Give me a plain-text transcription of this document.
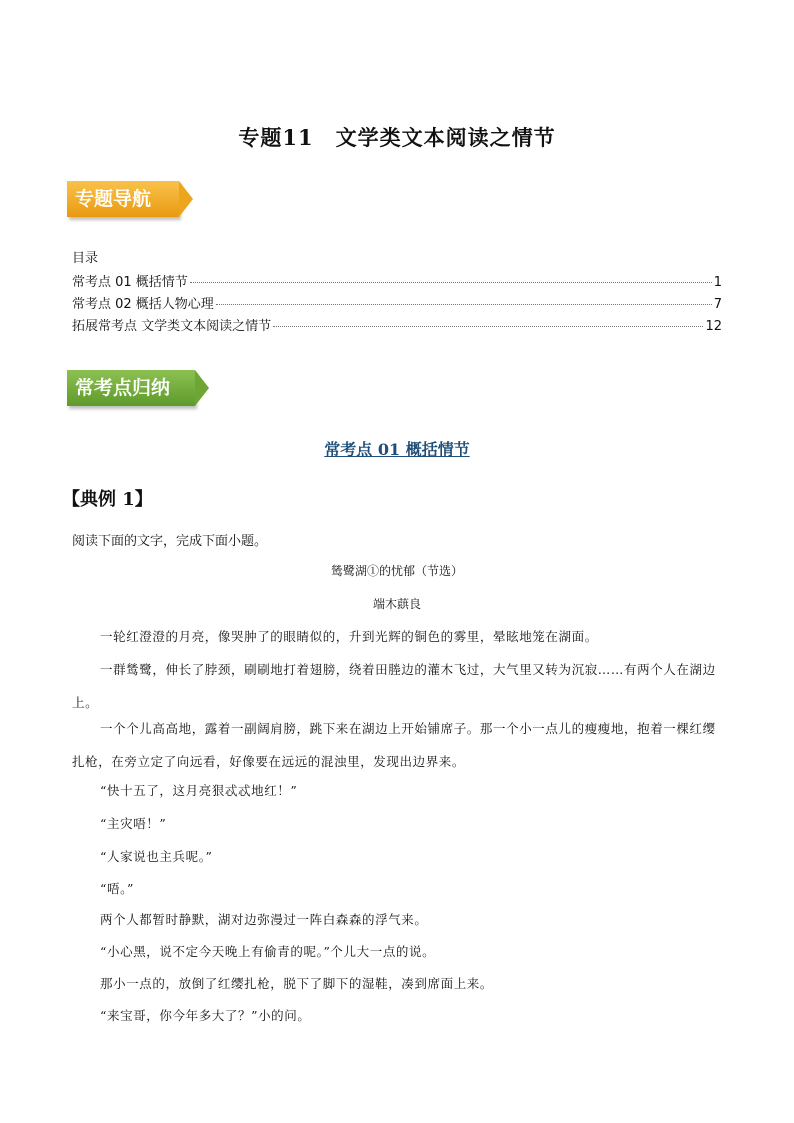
专题11　文学类文本阅读之情节
专题导航
目录
常考点 01 概括情节	1
常考点 02 概括人物心理	7
拓展常考点 文学类文本阅读之情节	12
常考点归纳
常考点 01 概括情节
【典例 1】
阅读下面的文字，完成下面小题。
鸶鹭湖①的忧郁（节选）
端木蕻良

一轮红澄澄的月亮，像哭肿了的眼睛似的，升到光辉的铜色的雾里，晕眩地笼在湖面。

一群鸶鹭，伸长了脖颈，刷刷地打着翅膀，绕着田塍边的灌木飞过，大气里又转为沉寂……有两个人在湖边上。

一个个儿高高地，露着一副阔肩膀，跳下来在湖边上开始铺席子。那一个小一点儿的瘦瘦地，抱着一棵红缨扎枪，在旁立定了向远看，好像要在远远的混浊里，发现出边界来。

“快十五了，这月亮狠忒忒地红！”

“主灾唔！”

“人家说也主兵呢。”

“唔。”

两个人都暂时静默，湖对边弥漫过一阵白森森的浮气来。

“小心黑，说不定今天晚上有偷青的呢。”个儿大一点的说。

那小一点的，放倒了红缨扎枪，脱下了脚下的湿鞋，凑到席面上来。

“来宝哥，你今年多大了？”小的问。
